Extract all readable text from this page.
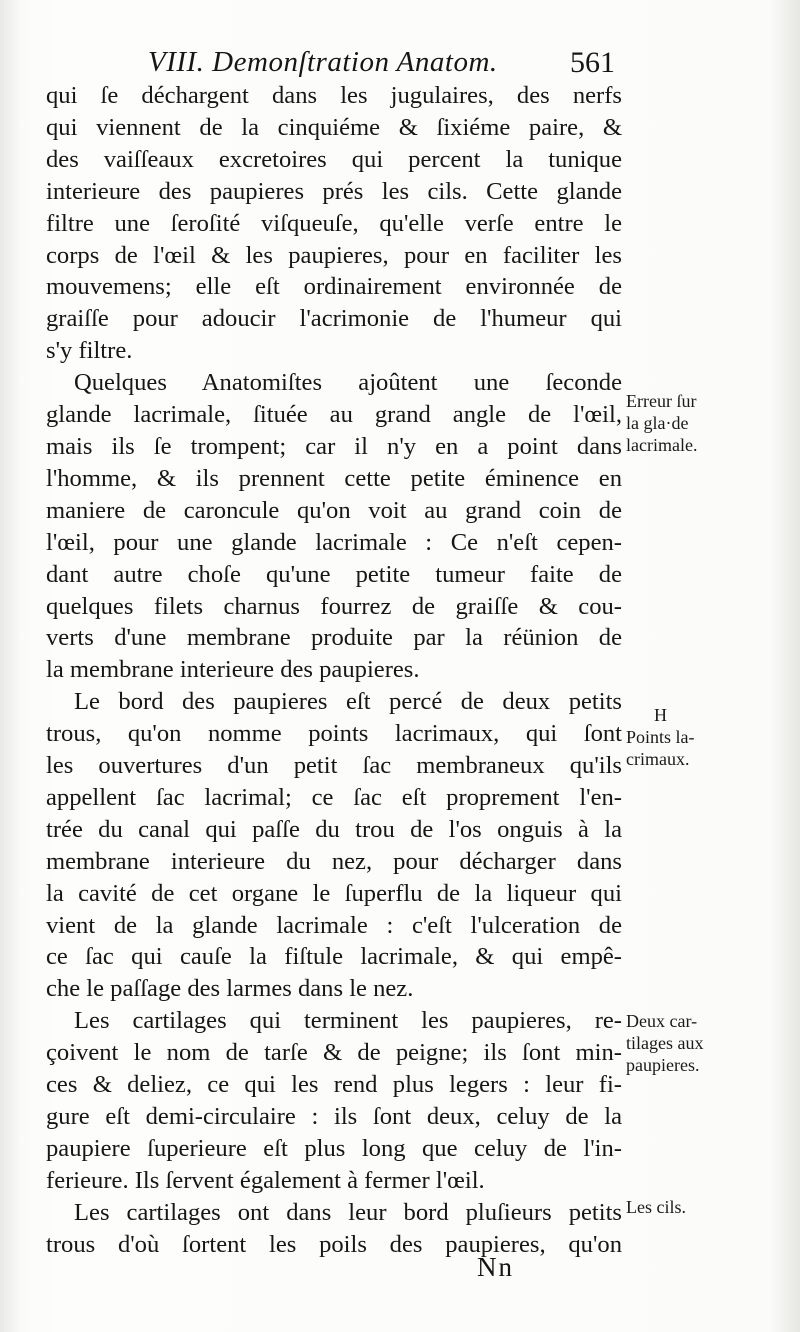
VIII. Demonſtration Anatom. 561
qui ſe déchargent dans les jugulaires, des nerfs
qui viennent de la cinquiéme & ſixiéme paire, &
des vaiſſeaux excretoires qui percent la tunique
interieure des paupieres prés les cils. Cette glande
filtre une ſeroſité viſqueuſe, qu'elle verſe entre le
corps de l'œil & les paupieres, pour en faciliter les
mouvemens; elle eſt ordinairement environnée de
graiſſe pour adoucir l'acrimonie de l'humeur qui
s'y filtre.
Quelques Anatomiſtes ajoûtent une ſeconde
glande lacrimale, ſituée au grand angle de l'œil,
mais ils ſe trompent; car il n'y en a point dans
l'homme, & ils prennent cette petite éminence en
maniere de caroncule qu'on voit au grand coin de
l'œil, pour une glande lacrimale : Ce n'eſt cepen-
dant autre choſe qu'une petite tumeur faite de
quelques filets charnus fourrez de graiſſe & cou-
verts d'une membrane produite par la réünion de
la membrane interieure des paupieres.
Le bord des paupieres eſt percé de deux petits
trous, qu'on nomme points lacrimaux, qui ſont
les ouvertures d'un petit ſac membraneux qu'ils
appellent ſac lacrimal; ce ſac eſt proprement l'en-
trée du canal qui paſſe du trou de l'os onguis à la
membrane interieure du nez, pour décharger dans
la cavité de cet organe le ſuperflu de la liqueur qui
vient de la glande lacrimale : c'eſt l'ulceration de
ce ſac qui cauſe la fiſtule lacrimale, & qui empê-
che le paſſage des larmes dans le nez.
Les cartilages qui terminent les paupieres, re-
çoivent le nom de tarſe & de peigne; ils ſont min-
ces & deliez, ce qui les rend plus legers : leur fi-
gure eſt demi-circulaire : ils ſont deux, celuy de la
paupiere ſuperieure eſt plus long que celuy de l'in-
ferieure. Ils ſervent également à fermer l'œil.
Les cartilages ont dans leur bord pluſieurs petits
trous d'où ſortent les poils des paupieres, qu'on
Erreur ſur
la gla·de
lacrimale.
H
Points la-
crimaux.
Deux car-
tilages aux
paupieres.
Les cils.
Nn
